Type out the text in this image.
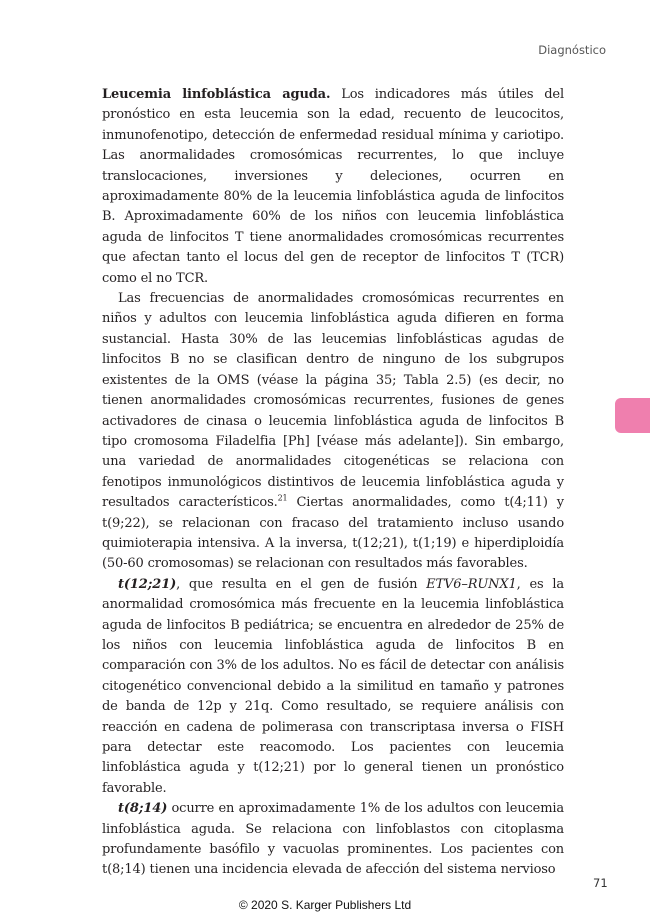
Diagnóstico

Leucemia linfoblástica aguda. Los indicadores más útiles del pronóstico en esta leucemia son la edad, recuento de leucocitos, inmunofenotipo, detección de enfermedad residual mínima y cariotipo. Las anormalidades cromosómicas recurrentes, lo que incluye translocaciones, inversiones y deleciones, ocurren en aproximadamente 80% de la leucemia linfoblástica aguda de linfocitos B. Aproximadamente 60% de los niños con leucemia linfoblástica aguda de linfocitos T tiene anormalidades cromosómicas recurrentes que afectan tanto el locus del gen de receptor de linfocitos T (TCR) como el no TCR.

Las frecuencias de anormalidades cromosómicas recurrentes en niños y adultos con leucemia linfoblástica aguda difieren en forma sustancial. Hasta 30% de las leucemias linfoblásticas agudas de linfocitos B no se clasifican dentro de ninguno de los subgrupos existentes de la OMS (véase la página 35; Tabla 2.5) (es decir, no tienen anormalidades cromosómicas recurrentes, fusiones de genes activadores de cinasa o leucemia linfoblástica aguda de linfocitos B tipo cromosoma Filadelfia [Ph] [véase más adelante]). Sin embargo, una variedad de anormalidades citogenéticas se relaciona con fenotipos inmunológicos distintivos de leucemia linfoblástica aguda y resultados característicos.$^{21}$ Ciertas anormalidades, como t(4;11) y t(9;22), se relacionan con fracaso del tratamiento incluso usando quimioterapia intensiva. A la inversa, t(12;21), t(1;19) e hiperdiploidía (50-60 cromosomas) se relacionan con resultados más favorables.

t(12;21), que resulta en el gen de fusión ETV6–RUNX1, es la anormalidad cromosómica más frecuente en la leucemia linfoblástica aguda de linfocitos B pediátrica; se encuentra en alrededor de 25% de los niños con leucemia linfoblástica aguda de linfocitos B en comparación con 3% de los adultos. No es fácil de detectar con análisis citogenético convencional debido a la similitud en tamaño y patrones de banda de 12p y 21q. Como resultado, se requiere análisis con reacción en cadena de polimerasa con transcriptasa inversa o FISH para detectar este reacomodo. Los pacientes con leucemia linfoblástica aguda y t(12;21) por lo general tienen un pronóstico favorable.

t(8;14) ocurre en aproximadamente 1% de los adultos con leucemia linfoblástica aguda. Se relaciona con linfoblastos con citoplasma profundamente basófilo y vacuolas prominentes. Los pacientes con t(8;14) tienen una incidencia elevada de afección del sistema nervioso

71
© 2020 S. Karger Publishers Ltd
